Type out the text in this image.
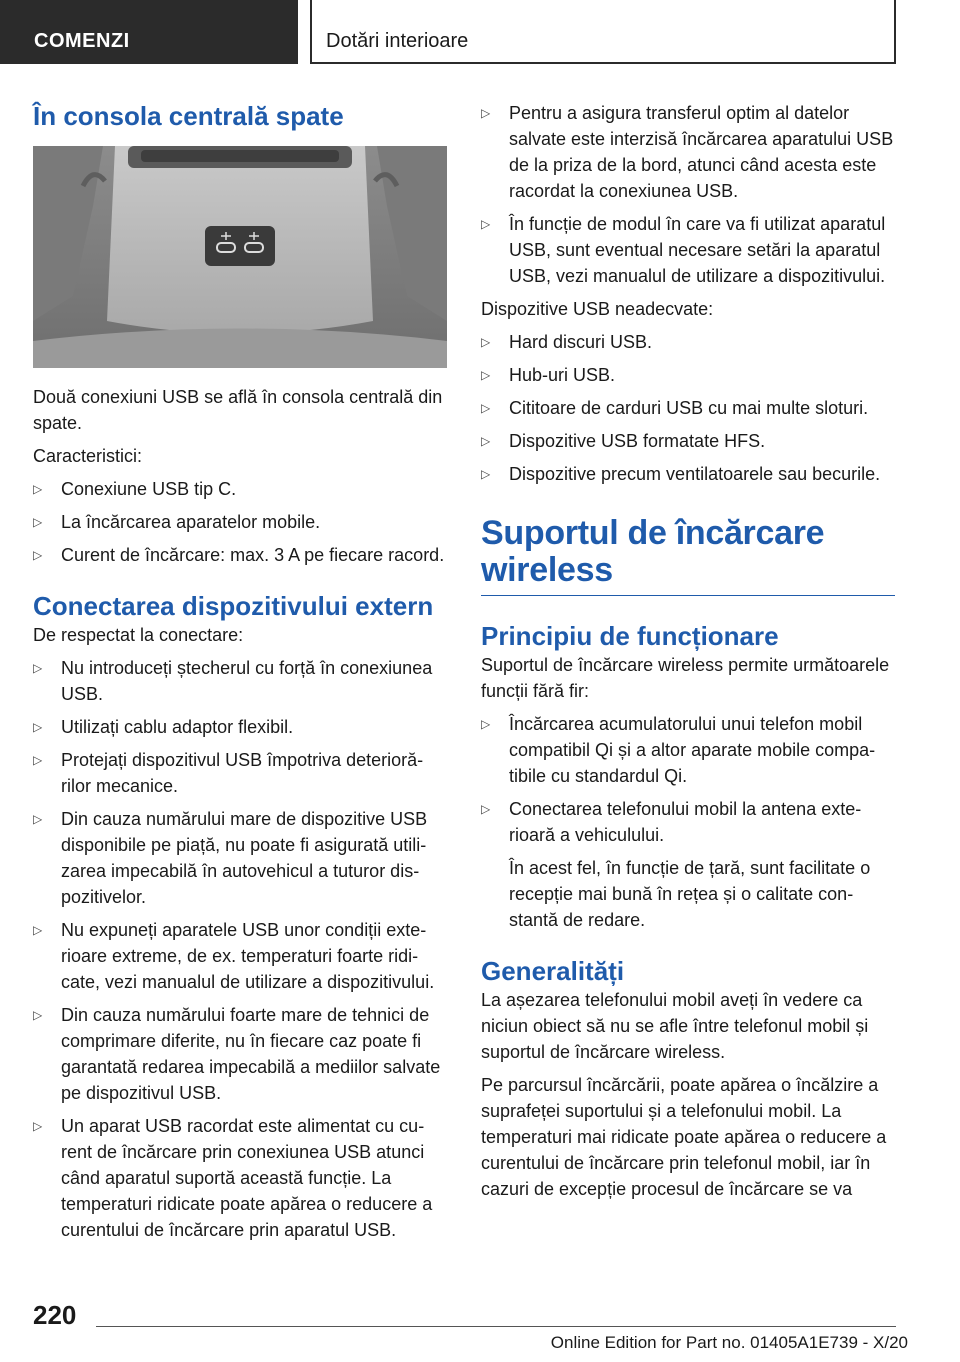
COMENZI	Dotări interioare
În consola centrală spate

Două conexiuni USB se află în consola centrală din spate.

Caracteristici:

▷ Conexiune USB tip C.
▷ La încărcarea aparatelor mobile.
▷ Curent de încărcare: max. 3 A pe fiecare racord.
Conectarea dispozitivului extern

De respectat la conectare:

▷ Nu introduceți ștecherul cu forță în conexiunea USB.
▷ Utilizați cablu adaptor flexibil.
▷ Protejați dispozitivul USB împotriva deteriorărilor mecanice.
▷ Din cauza numărului mare de dispozitive USB disponibile pe piață, nu poate fi asigurată utilizarea impecabilă în autovehicul a tuturor dispozitivelor.
▷ Nu expuneți aparatele USB unor condiții exterioare extreme, de ex. temperaturi foarte ridicate, vezi manualul de utilizare a dispozitivului.
▷ Din cauza numărului foarte mare de tehnici de comprimare diferite, nu în fiecare caz poate fi garantată redarea impecabilă a mediilor salvate pe dispozitivul USB.
▷ Un aparat USB racordat este alimentat cu curent de încărcare prin conexiunea USB atunci când aparatul suportă această funcție. La temperaturi ridicate poate apărea o reducere a curentului de încărcare prin aparatul USB.
▷ Pentru a asigura transferul optim al datelor salvate este interzisă încărcarea aparatului USB de la priza de la bord, atunci când acesta este racordat la conexiunea USB.
▷ În funcție de modul în care va fi utilizat aparatul USB, sunt eventual necesare setări la aparatul USB, vezi manualul de utilizare a dispozitivului.

Dispozitive USB neadecvate:

▷ Hard discuri USB.
▷ Hub-uri USB.
▷ Cititoare de carduri USB cu mai multe sloturi.
▷ Dispozitive USB formatate HFS.
▷ Dispozitive precum ventilatoarele sau becurile.
Suportul de încărcare wireless
Principiu de funcționare

Suportul de încărcare wireless permite următoarele funcții fără fir:

▷ Încărcarea acumulatorului unui telefon mobil compatibil Qi și a altor aparate mobile compatibile cu standardul Qi.
▷ Conectarea telefonului mobil la antena exterioară a vehiculului.

În acest fel, în funcție de țară, sunt facilitate o recepție mai bună în rețea și o calitate constantă de redare.

Generalități

La așezarea telefonului mobil aveți în vedere ca niciun obiect să nu se afle între telefonul mobil și suportul de încărcare wireless.

Pe parcursul încărcării, poate apărea o încălzire a suprafeței suportului și a telefonului mobil. La temperaturi mai ridicate poate apărea o reducere a curentului de încărcare prin telefonul mobil, iar în cazuri de excepție procesul de încărcare se va

220
Online Edition for Part no. 01405A1E739 - X/20
